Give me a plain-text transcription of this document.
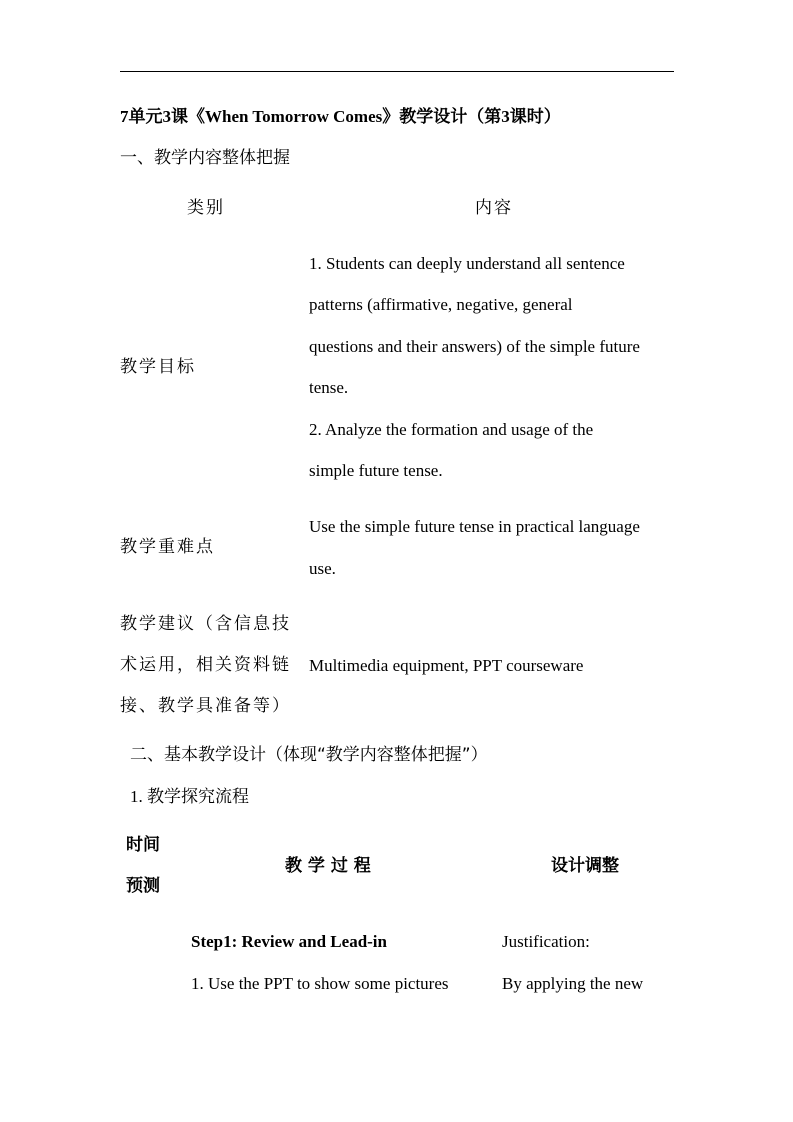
7单元3课《When Tomorrow Comes》教学设计（第3课时）
一、教学内容整体把握
类别	内容
教学目标
1. Students can deeply understand all sentence
patterns (affirmative, negative, general
questions and their answers) of the simple future
tense.
2. Analyze the formation and usage of the
simple future tense.
教学重难点
Use the simple future tense in practical language
use.
教学建议（含信息技
术运用，相关资料链
接、教学具准备等）
Multimedia equipment, PPT courseware
二、基本教学设计（体现“教学内容整体把握”）
1. 教学探究流程
时间
预测
教 学 过 程	设计调整
Step1: Review and Lead-in
1. Use the PPT to show some pictures
Justification:
By applying the new
